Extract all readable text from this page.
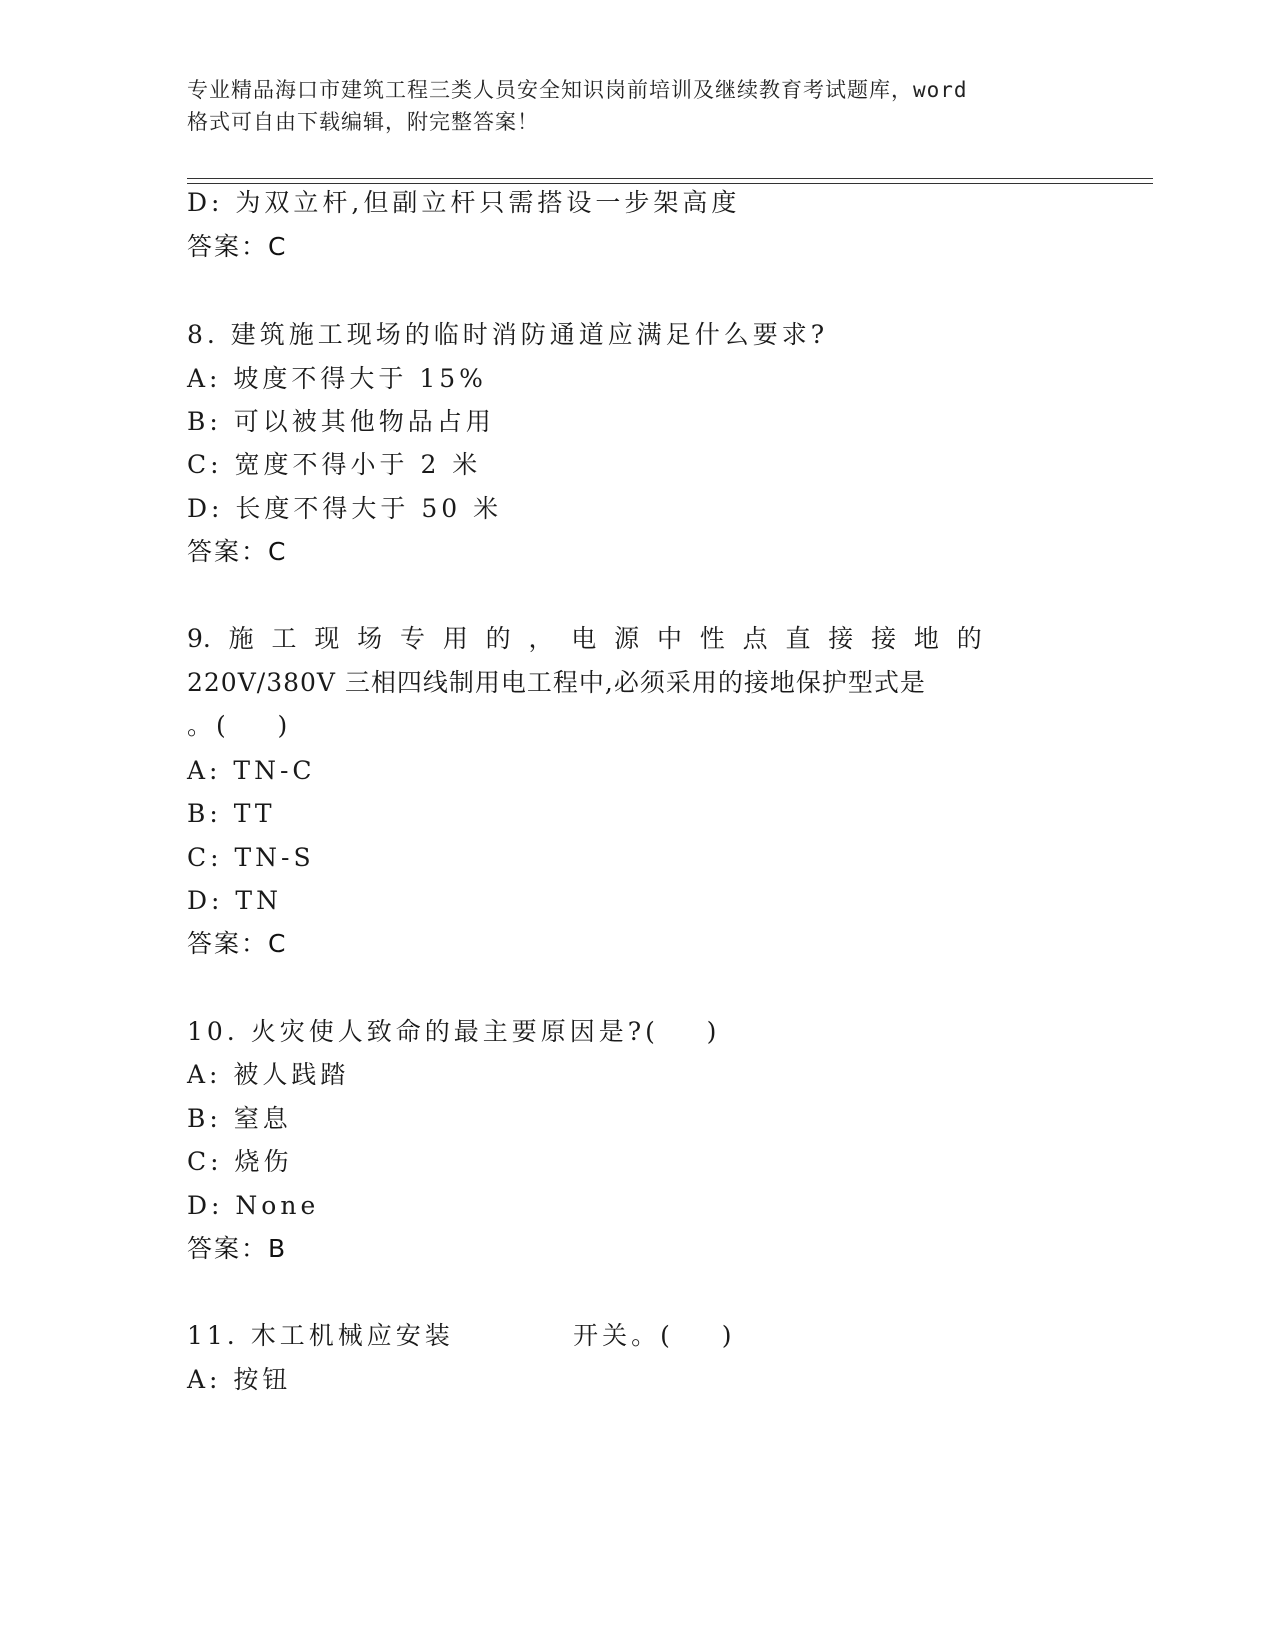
专业精品海口市建筑工程三类人员安全知识岗前培训及继续教育考试题库，word
格式可自由下载编辑，附完整答案！
D: 为双立杆,但副立杆只需搭设一步架高度
答案：C
8. 建筑施工现场的临时消防通道应满足什么要求?
A: 坡度不得大于 15%
B: 可以被其他物品占用
C: 宽度不得小于 2 米
D: 长度不得大于 50 米
答案：C
9. 施 工 现 场 专 用 的 ， 电 源 中 性 点 直 接 接 地 的
220V/380V 三相四线制用电工程中,必须采用的接地保护型式是
。(    )
A: TN-C
B: TT
C: TN-S
D: TN
答案：C
10. 火灾使人致命的最主要原因是?(    )
A: 被人践踏
B: 窒息
C: 烧伤
D: None
答案：B
11. 木工机械应安装          开关。(    )
A: 按钮
